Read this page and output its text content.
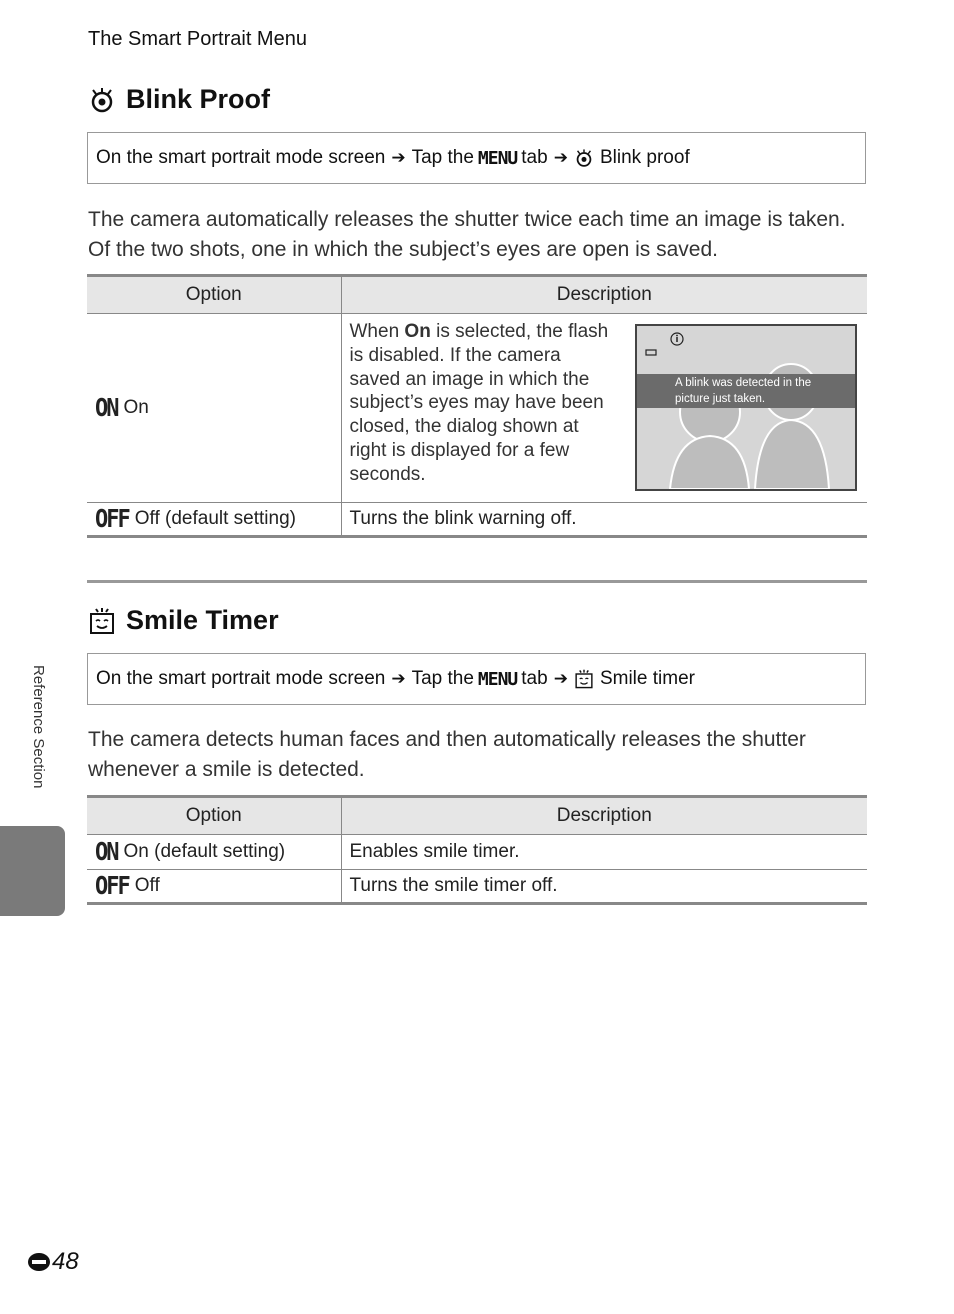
The Smart Portrait Menu
Blink Proof
On the smart portrait mode screen ➔ Tap the MENU tab ➔ Blink proof
The camera automatically releases the shutter twice each time an image is taken. Of the two shots, one in which the subject’s eyes are open is saved.
Option	Description

ON On	When On is selected, the flash is disabled. If the camera saved an image in which the subject’s eyes may have been closed, the dialog shown at right is displayed for a few seconds.

OFF Off (default setting)	Turns the blink warning off.
A blink was detected in the picture just taken.
Smile Timer
On the smart portrait mode screen ➔ Tap the MENU tab ➔ Smile timer
The camera detects human faces and then automatically releases the shutter whenever a smile is detected.
Option	Description

ON On (default setting)	Enables smile timer.

OFF Off	Turns the smile timer off.
Reference Section
48
